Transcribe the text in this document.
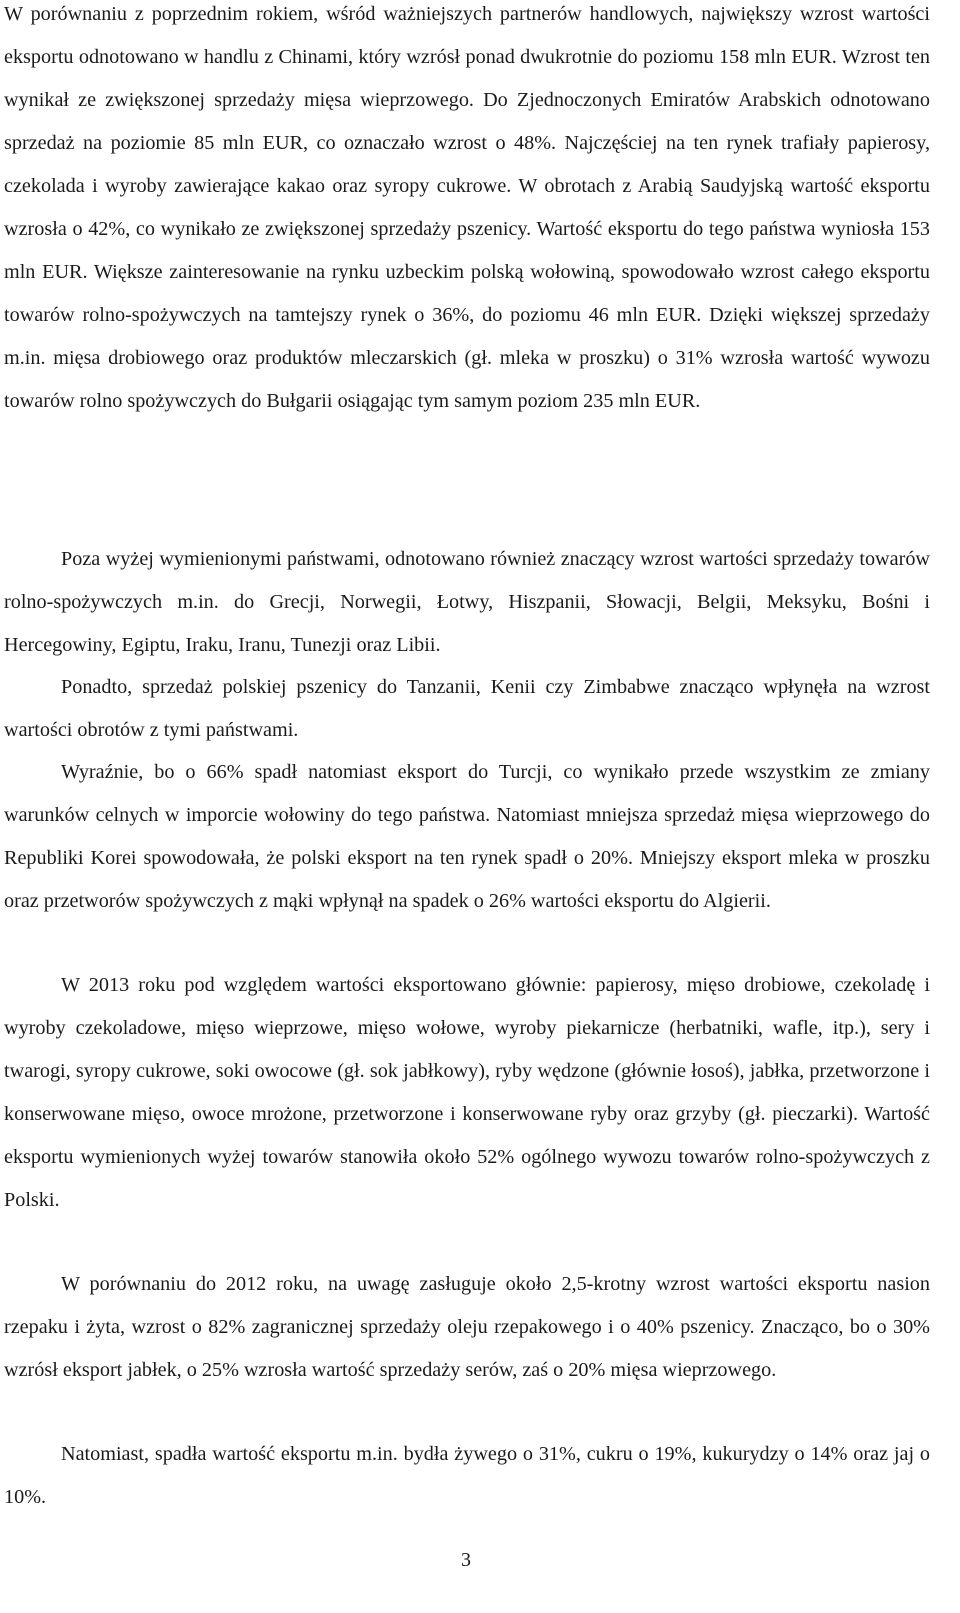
W porównaniu z poprzednim rokiem, wśród ważniejszych partnerów handlowych, największy wzrost wartości eksportu odnotowano w handlu z Chinami, który wzrósł ponad dwukrotnie do poziomu 158 mln EUR. Wzrost ten wynikał ze zwiększonej sprzedaży mięsa wieprzowego. Do Zjednoczonych Emiratów Arabskich odnotowano sprzedaż na poziomie 85 mln EUR, co oznaczało wzrost o 48%. Najczęściej na ten rynek trafiały papierosy, czekolada i wyroby zawierające kakao oraz syropy cukrowe. W obrotach z Arabią Saudyjską wartość eksportu wzrosła o 42%, co wynikało ze zwiększonej sprzedaży pszenicy. Wartość eksportu do tego państwa wyniosła 153 mln EUR. Większe zainteresowanie na rynku uzbeckim polską wołowiną, spowodowało wzrost całego eksportu towarów rolno-spożywczych na tamtejszy rynek o 36%, do poziomu 46 mln EUR. Dzięki większej sprzedaży m.in. mięsa drobiowego oraz produktów mleczarskich (gł. mleka w proszku) o 31% wzrosła wartość wywozu towarów rolno spożywczych do Bułgarii osiągając tym samym poziom 235 mln EUR.

Poza wyżej wymienionymi państwami, odnotowano również znaczący wzrost wartości sprzedaży towarów rolno-spożywczych m.in. do Grecji, Norwegii, Łotwy, Hiszpanii, Słowacji, Belgii, Meksyku, Bośni i Hercegowiny, Egiptu, Iraku, Iranu, Tunezji oraz Libii.

Ponadto, sprzedaż polskiej pszenicy do Tanzanii, Kenii czy Zimbabwe znacząco wpłynęła na wzrost wartości obrotów z tymi państwami.

Wyraźnie, bo o 66% spadł natomiast eksport do Turcji, co wynikało przede wszystkim ze zmiany warunków celnych w imporcie wołowiny do tego państwa. Natomiast mniejsza sprzedaż mięsa wieprzowego do Republiki Korei spowodowała, że polski eksport na ten rynek spadł o 20%. Mniejszy eksport mleka w proszku oraz przetworów spożywczych z mąki wpłynął na spadek o 26% wartości eksportu do Algierii.

W 2013 roku pod względem wartości eksportowano głównie: papierosy, mięso drobiowe, czekoladę i wyroby czekoladowe, mięso wieprzowe, mięso wołowe, wyroby piekarnicze (herbatniki, wafle, itp.), sery i twarogi, syropy cukrowe, soki owocowe (gł. sok jabłkowy), ryby wędzone (głównie łosoś), jabłka, przetworzone i konserwowane mięso, owoce mrożone, przetworzone i konserwowane ryby oraz grzyby (gł. pieczarki). Wartość eksportu wymienionych wyżej towarów stanowiła około 52% ogólnego wywozu towarów rolno-spożywczych z Polski.

W porównaniu do 2012 roku, na uwagę zasługuje około 2,5-krotny wzrost wartości eksportu nasion rzepaku i żyta, wzrost o 82% zagranicznej sprzedaży oleju rzepakowego i o 40% pszenicy. Znacząco, bo o 30% wzrósł eksport jabłek, o 25% wzrosła wartość sprzedaży serów, zaś o 20% mięsa wieprzowego.

Natomiast, spadła wartość eksportu m.in. bydła żywego o 31%, cukru o 19%, kukurydzy o 14% oraz jaj o 10%.

3
